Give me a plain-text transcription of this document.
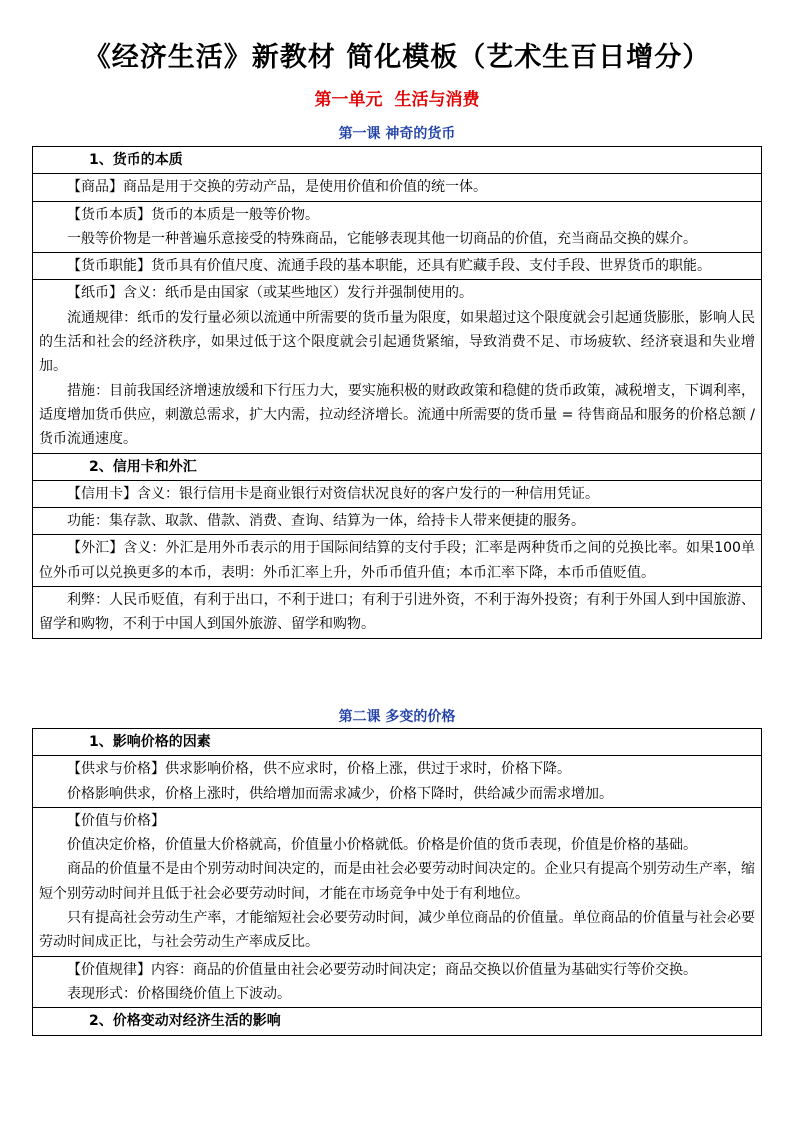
《经济生活》新教材 简化模板（艺术生百日增分）
第一单元 生活与消费
第一课 神奇的货币

1、货币的本质

【商品】商品是用于交换的劳动产品，是使用价值和价值的统一体。

【货币本质】货币的本质是一般等价物。

一般等价物是一种普遍乐意接受的特殊商品，它能够表现其他一切商品的价值，充当商品交换的媒介。

【货币职能】货币具有价值尺度、流通手段的基本职能，还具有贮藏手段、支付手段、世界货币的职能。

【纸币】含义：纸币是由国家（或某些地区）发行并强制使用的。

流通规律：纸币的发行量必须以流通中所需要的货币量为限度，如果超过这个限度就会引起通货膨胀，影响人民的生活和社会的经济秩序，如果过低于这个限度就会引起通货紧缩，导致消费不足、市场疲软、经济衰退和失业增加。

措施：目前我国经济增速放缓和下行压力大，要实施积极的财政政策和稳健的货币政策，减税增支，下调利率，适度增加货币供应，刺激总需求，扩大内需，拉动经济增长。流通中所需要的货币量 = 待售商品和服务的价格总额 / 货币流通速度。

2、信用卡和外汇

【信用卡】含义：银行信用卡是商业银行对资信状况良好的客户发行的一种信用凭证。

功能：集存款、取款、借款、消费、查询、结算为一体，给持卡人带来便捷的服务。

【外汇】含义：外汇是用外币表示的用于国际间结算的支付手段；汇率是两种货币之间的兑换比率。如果100单位外币可以兑换更多的本币，表明：外币汇率上升，外币币值升值；本币汇率下降，本币币值贬值。

利弊：人民币贬值，有利于出口，不利于进口；有利于引进外资，不利于海外投资；有利于外国人到中国旅游、留学和购物，不利于中国人到国外旅游、留学和购物。

第二课 多变的价格

1、影响价格的因素

【供求与价格】供求影响价格，供不应求时，价格上涨，供过于求时，价格下降。

价格影响供求，价格上涨时，供给增加而需求减少，价格下降时，供给减少而需求增加。

【价值与价格】

价值决定价格，价值量大价格就高，价值量小价格就低。价格是价值的货币表现，价值是价格的基础。

商品的价值量不是由个别劳动时间决定的，而是由社会必要劳动时间决定的。企业只有提高个别劳动生产率，缩短个别劳动时间并且低于社会必要劳动时间，才能在市场竞争中处于有利地位。

只有提高社会劳动生产率，才能缩短社会必要劳动时间，减少单位商品的价值量。单位商品的价值量与社会必要劳动时间成正比，与社会劳动生产率成反比。

【价值规律】内容：商品的价值量由社会必要劳动时间决定；商品交换以价值量为基础实行等价交换。

表现形式：价格围绕价值上下波动。

2、价格变动对经济生活的影响
